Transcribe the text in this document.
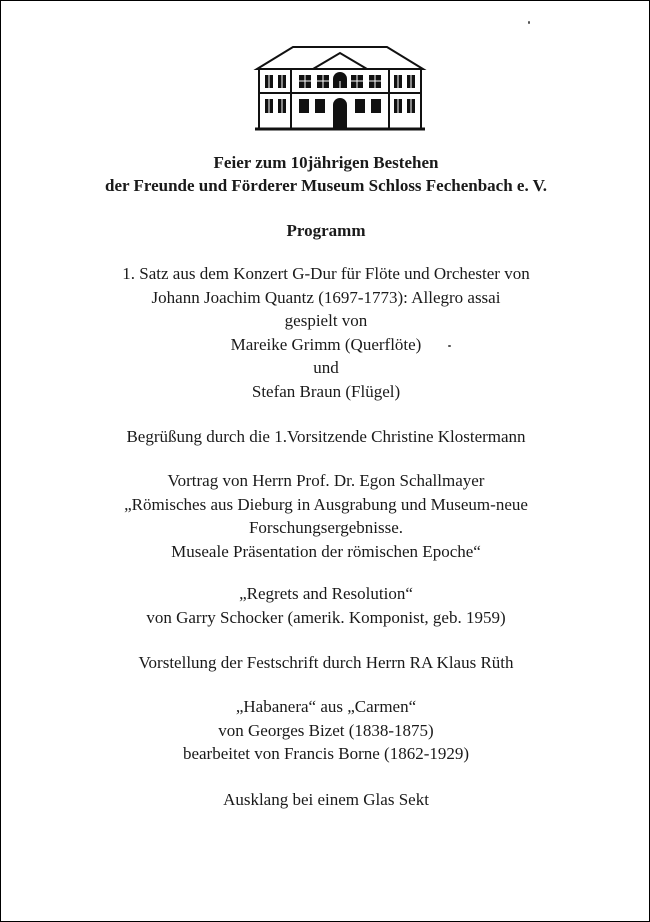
Feier zum 10jährigen Bestehen
der Freunde und Förderer Museum Schloss Fechenbach e. V.
Programm
1. Satz aus dem Konzert G-Dur für Flöte und Orchester von
Johann Joachim Quantz (1697-1773): Allegro assai
gespielt von
Mareike Grimm (Querflöte)
und
Stefan Braun (Flügel)
Begrüßung durch die 1.Vorsitzende Christine Klostermann
Vortrag von Herrn Prof. Dr. Egon Schallmayer
„Römisches aus Dieburg in Ausgrabung und Museum-neue
Forschungsergebnisse.
Museale Präsentation der römischen Epoche“
„Regrets and Resolution“
von Garry Schocker (amerik. Komponist, geb. 1959)
Vorstellung der Festschrift durch Herrn RA Klaus Rüth
„Habanera“ aus „Carmen“
von Georges Bizet (1838-1875)
bearbeitet von Francis Borne (1862-1929)
Ausklang bei einem Glas Sekt
